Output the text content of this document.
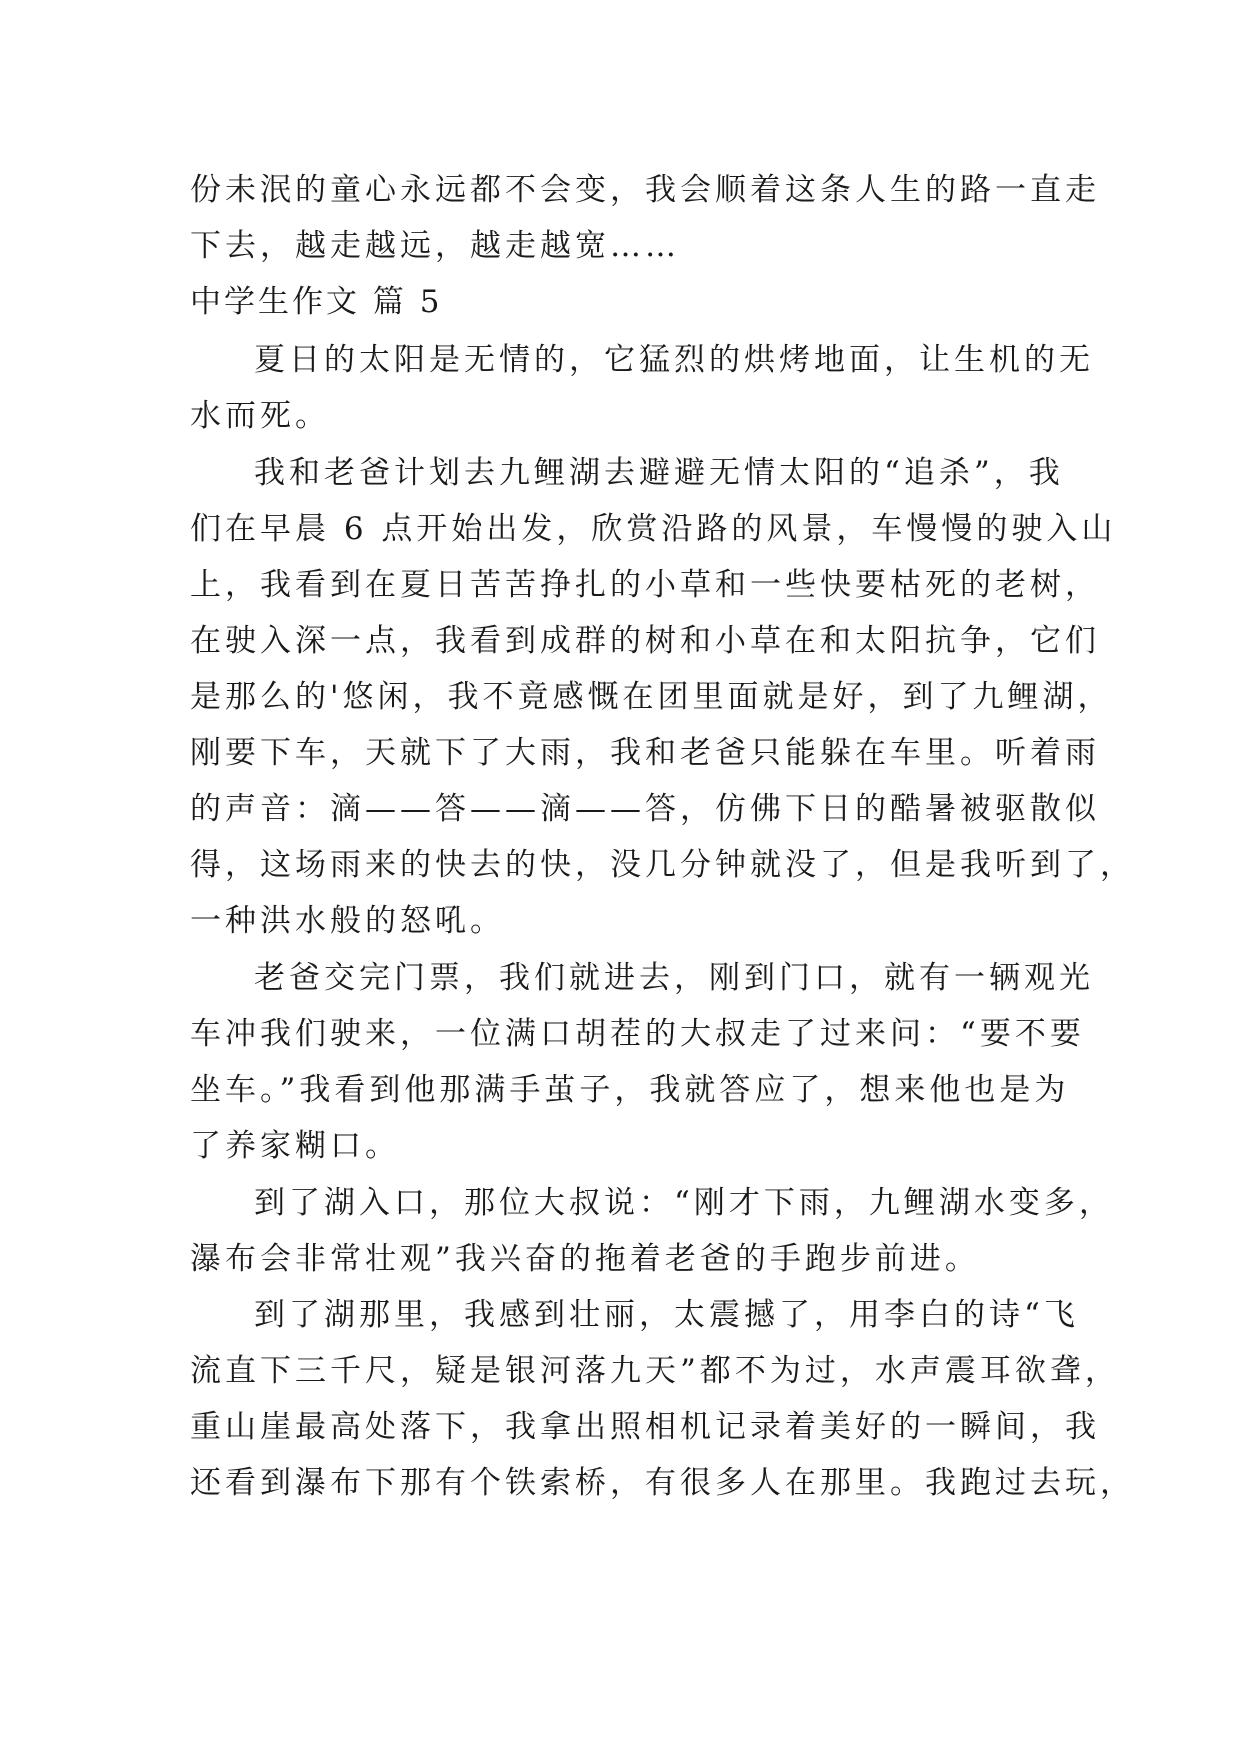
份未泯的童心永远都不会变，我会顺着这条人生的路一直走
下去，越走越远，越走越宽……
中学生作文 篇 5
夏日的太阳是无情的，它猛烈的烘烤地面，让生机的无
水而死。
我和老爸计划去九鲤湖去避避无情太阳的“追杀”，我
们在早晨 6 点开始出发，欣赏沿路的风景，车慢慢的驶入山
上，我看到在夏日苦苦挣扎的小草和一些快要枯死的老树，
在驶入深一点，我看到成群的树和小草在和太阳抗争，它们
是那么的'悠闲，我不竟感慨在团里面就是好，到了九鲤湖，
刚要下车，天就下了大雨，我和老爸只能躲在车里。听着雨
的声音：滴——答——滴——答，仿佛下日的酷暑被驱散似
得，这场雨来的快去的快，没几分钟就没了，但是我听到了，
一种洪水般的怒吼。
老爸交完门票，我们就进去，刚到门口，就有一辆观光
车冲我们驶来，一位满口胡茬的大叔走了过来问：“要不要
坐车。”我看到他那满手茧子，我就答应了，想来他也是为
了养家糊口。
到了湖入口，那位大叔说：“刚才下雨，九鲤湖水变多，
瀑布会非常壮观”我兴奋的拖着老爸的手跑步前进。
到了湖那里，我感到壮丽，太震撼了，用李白的诗“飞
流直下三千尺，疑是银河落九天”都不为过，水声震耳欲聋，
重山崖最高处落下，我拿出照相机记录着美好的一瞬间，我
还看到瀑布下那有个铁索桥，有很多人在那里。我跑过去玩，
